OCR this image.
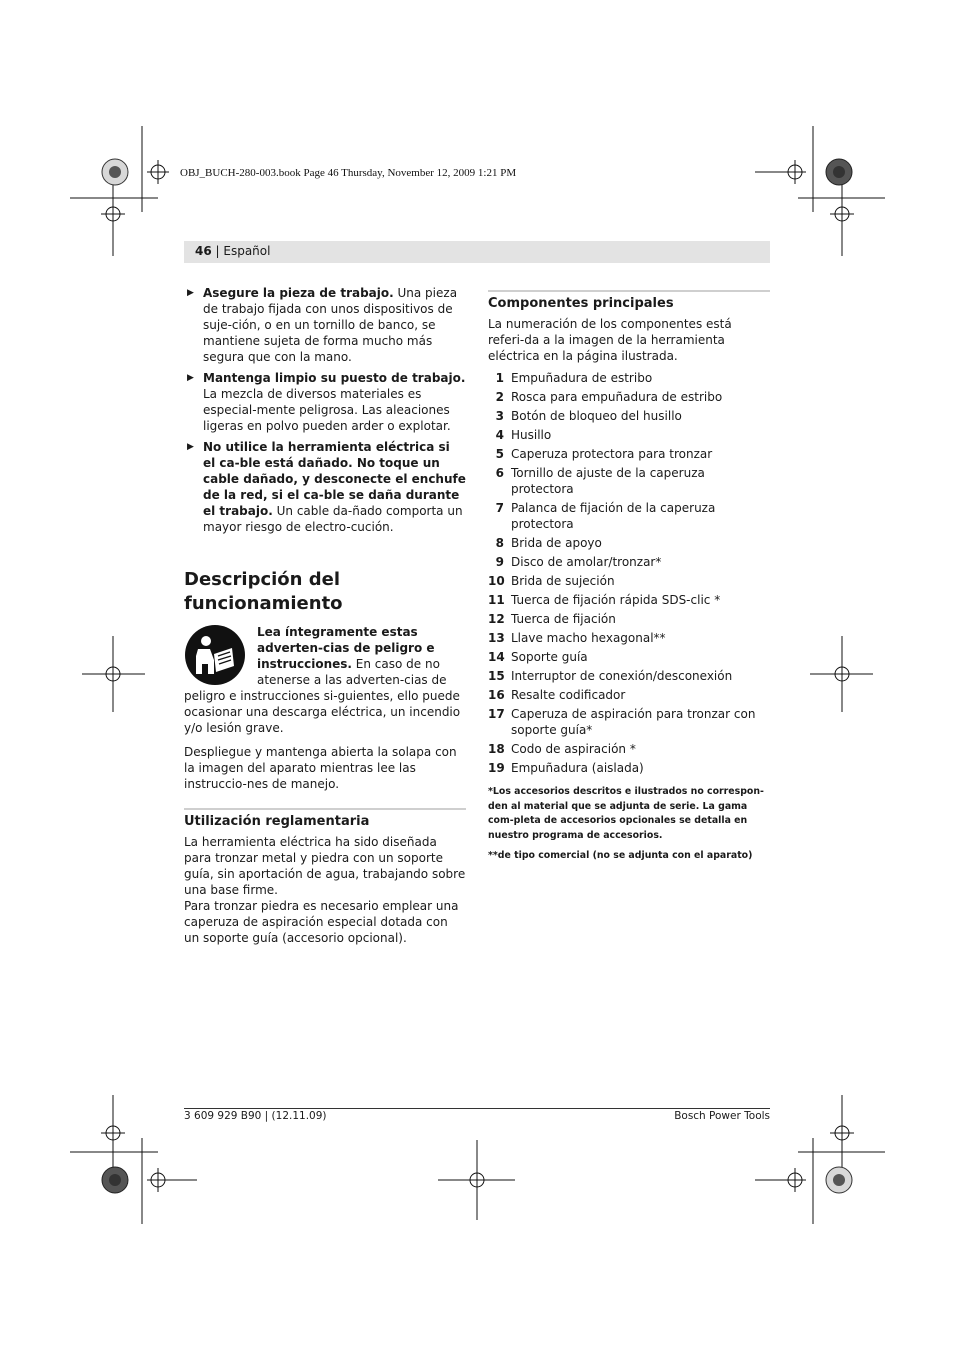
OBJ_BUCH-280-003.book Page 46 Thursday, November 12, 2009 1:21 PM
46 | Español
▶ Asegure la pieza de trabajo. Una pieza de trabajo fijada con unos dispositivos de suje-ción, o en un tornillo de banco, se mantiene sujeta de forma mucho más segura que con la mano.
▶ Mantenga limpio su puesto de trabajo. La mezcla de diversos materiales es especial-mente peligrosa. Las aleaciones ligeras en polvo pueden arder o explotar.
▶ No utilice la herramienta eléctrica si el ca-ble está dañado. No toque un cable dañado, y desconecte el enchufe de la red, si el ca-ble se daña durante el trabajo. Un cable da-ñado comporta un mayor riesgo de electro-cución.
Descripción del
funcionamiento
Lea íntegramente estas adverten-cias de peligro e instrucciones. En caso de no atenerse a las adverten-cias de peligro e instrucciones si-guientes, ello puede ocasionar una descarga eléctrica, un incendio y/o lesión grave.

Despliegue y mantenga abierta la solapa con la imagen del aparato mientras lee las instruccio-nes de manejo.

Utilización reglamentaria

La herramienta eléctrica ha sido diseñada para tronzar metal y piedra con un soporte guía, sin aportación de agua, trabajando sobre una base firme.

Para tronzar piedra es necesario emplear una caperuza de aspiración especial dotada con un soporte guía (accesorio opcional).

Componentes principales

La numeración de los componentes está referi-da a la imagen de la herramienta eléctrica en la página ilustrada.

1 Empuñadura de estribo
2 Rosca para empuñadura de estribo
3 Botón de bloqueo del husillo
4 Husillo
5 Caperuza protectora para tronzar
6 Tornillo de ajuste de la caperuza protectora
7 Palanca de fijación de la caperuza protectora
8 Brida de apoyo
9 Disco de amolar/tronzar*
10 Brida de sujeción
11 Tuerca de fijación rápida SDS-clic *
12 Tuerca de fijación
13 Llave macho hexagonal**
14 Soporte guía
15 Interruptor de conexión/desconexión
16 Resalte codificador
17 Caperuza de aspiración para tronzar con soporte guía*
18 Codo de aspiración *
19 Empuñadura (aislada)

*Los accesorios descritos e ilustrados no correspon-den al material que se adjunta de serie. La gama com-pleta de accesorios opcionales se detalla en nuestro programa de accesorios.

**de tipo comercial (no se adjunta con el aparato)

3 609 929 B90 | (12.11.09)	Bosch Power Tools
